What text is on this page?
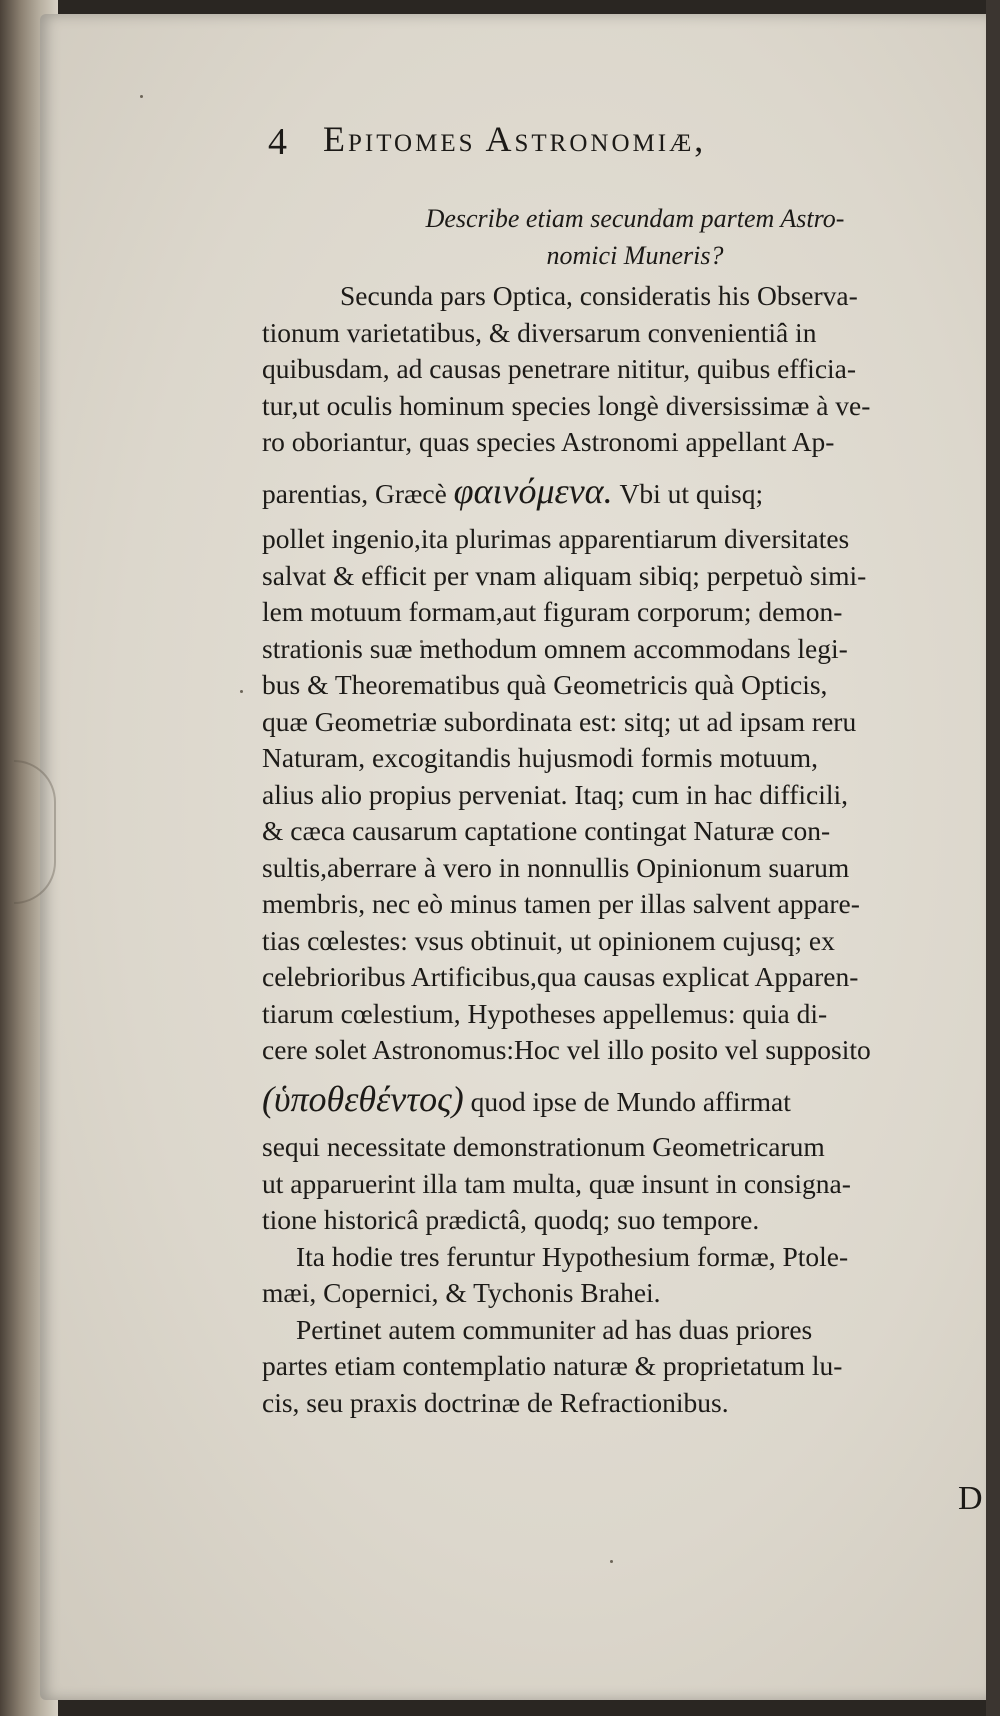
4 Epitomes Astronomiæ,
Describe etiam secundam partem Astro-
nomici Muneris?
Secunda pars Optica, consideratis his Observa-
tionum varietatibus, & diversarum convenientiâ in
quibusdam, ad causas penetrare nititur, quibus efficia-
tur,ut oculis hominum species longè diversissimæ à ve-
ro oboriantur, quas species Astronomi appellant Ap-
parentias, Græcè φαινόμενα. Vbi ut quisq;
pollet ingenio,ita plurimas apparentiarum diversitates
salvat & efficit per vnam aliquam sibiq; perpetuò simi-
lem motuum formam,aut figuram corporum; demon-
strationis suæ methodum omnem accommodans legi-
bus & Theorematibus quà Geometricis quà Opticis,
quæ Geometriæ subordinata est: sitq; ut ad ipsam reru
Naturam, excogitandis hujusmodi formis motuum,
alius alio propius perveniat. Itaq; cum in hac difficili,
& cæca causarum captatione contingat Naturæ con-
sultis,aberrare à vero in nonnullis Opinionum suarum
membris, nec eò minus tamen per illas salvent appare-
tias cœlestes: vsus obtinuit, ut opinionem cujusq; ex
celebrioribus Artificibus,qua causas explicat Apparen-
tiarum cœlestium, Hypotheses appellemus: quia di-
cere solet Astronomus:Hoc vel illo posito vel supposito
(ὑποθεθέντος) quod ipse de Mundo affirmat
sequi necessitate demonstrationum Geometricarum
ut apparuerint illa tam multa, quæ insunt in consigna-
tione historicâ prædictâ, quodq; suo tempore.
Ita hodie tres feruntur Hypothesium formæ, Ptole-
mæi, Copernici, & Tychonis Brahei.
Pertinet autem communiter ad has duas priores
partes etiam contemplatio naturæ & proprietatum lu-
cis, seu praxis doctrinæ de Refractionibus.
D
